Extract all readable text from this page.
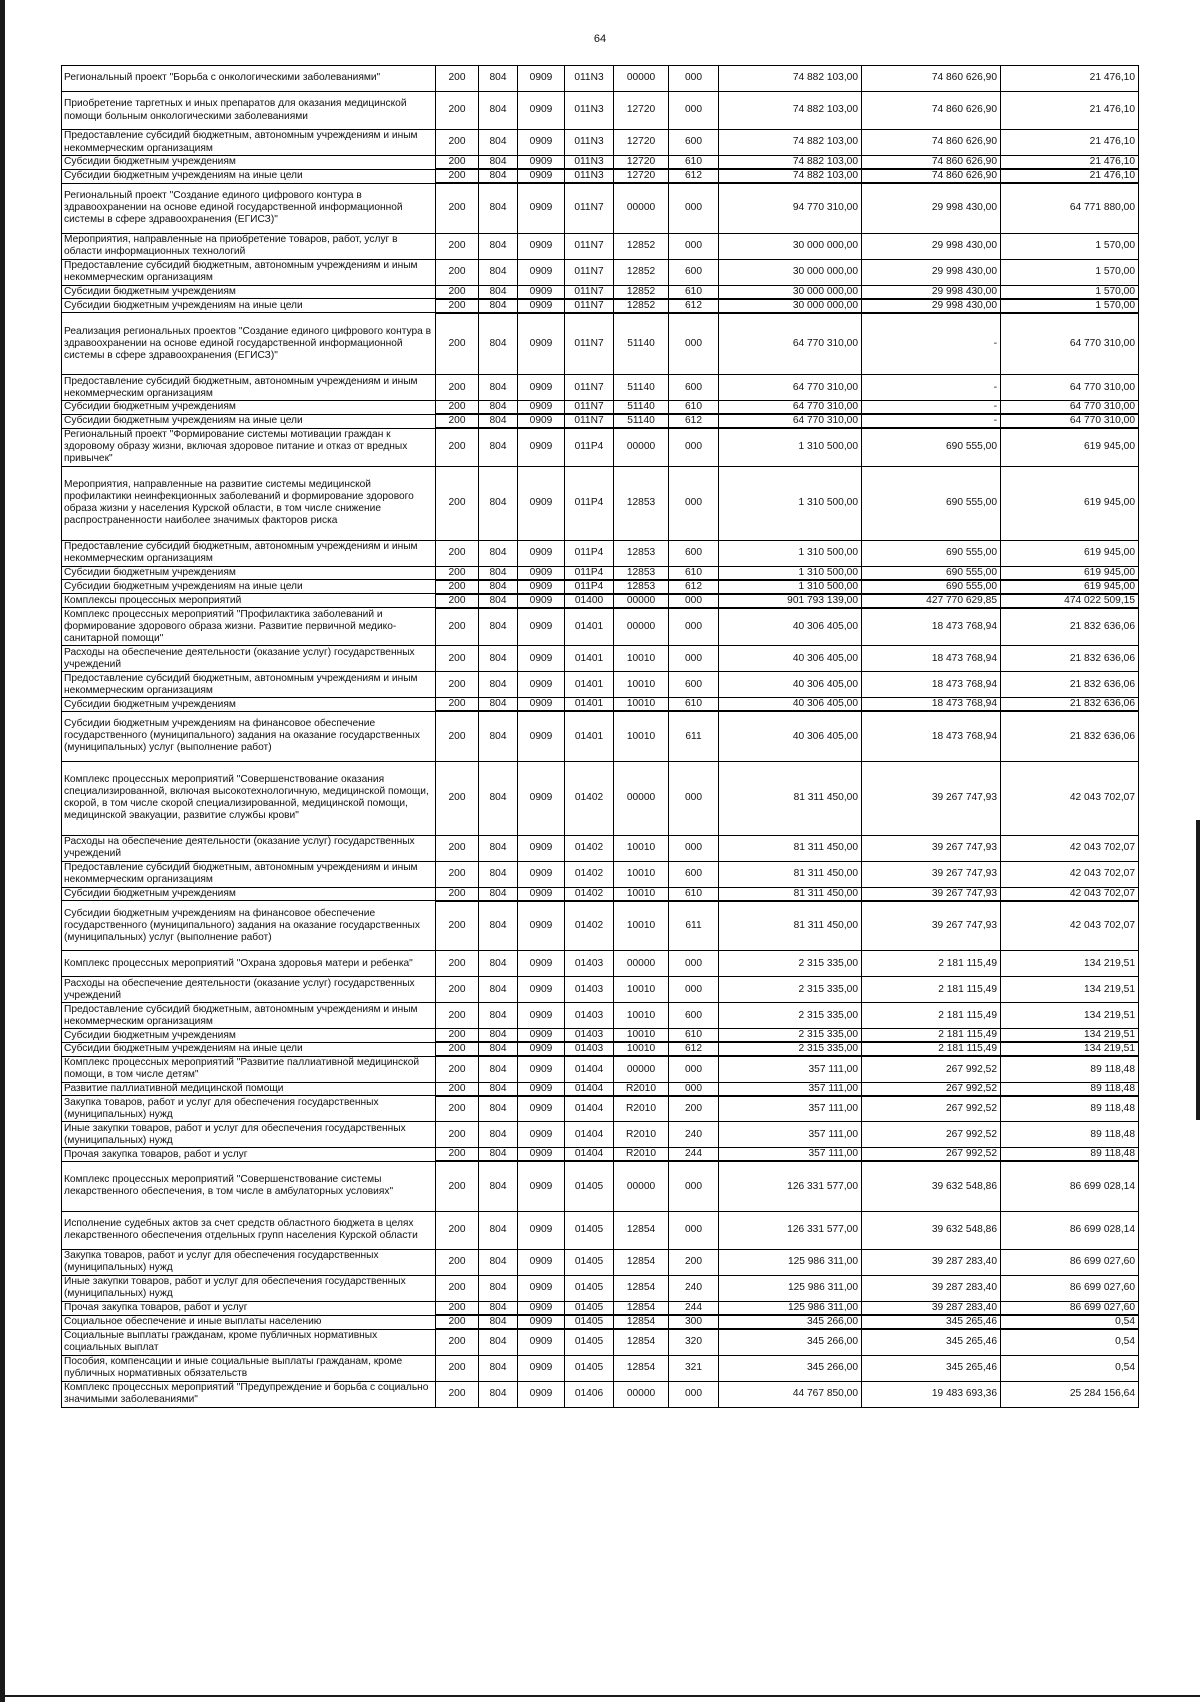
64
Региональный проект "Борьба с онкологическими заболеваниями"	200	804	0909	011N3	00000	000	74 882 103,00	74 860 626,90	21 476,10
Приобретение таргетных и иных препаратов для оказания медицинской помощи больным онкологическими заболеваниями	200	804	0909	011N3	12720	000	74 882 103,00	74 860 626,90	21 476,10
Предоставление субсидий бюджетным, автономным учреждениям и иным некоммерческим организациям	200	804	0909	011N3	12720	600	74 882 103,00	74 860 626,90	21 476,10
Субсидии бюджетным учреждениям	200	804	0909	011N3	12720	610	74 882 103,00	74 860 626,90	21 476,10
Субсидии бюджетным учреждениям на иные цели	200	804	0909	011N3	12720	612	74 882 103,00	74 860 626,90	21 476,10
Региональный проект "Создание единого цифрового контура в здравоохранении на основе единой государственной информационной системы в сфере здравоохранения (ЕГИСЗ)"	200	804	0909	011N7	00000	000	94 770 310,00	29 998 430,00	64 771 880,00
Мероприятия, направленные на приобретение товаров, работ, услуг в области информационных технологий	200	804	0909	011N7	12852	000	30 000 000,00	29 998 430,00	1 570,00
Предоставление субсидий бюджетным, автономным учреждениям и иным некоммерческим организациям	200	804	0909	011N7	12852	600	30 000 000,00	29 998 430,00	1 570,00
Субсидии бюджетным учреждениям	200	804	0909	011N7	12852	610	30 000 000,00	29 998 430,00	1 570,00
Субсидии бюджетным учреждениям на иные цели	200	804	0909	011N7	12852	612	30 000 000,00	29 998 430,00	1 570,00
Реализация региональных проектов "Создание единого цифрового контура в здравоохранении на основе единой государственной информационной системы в сфере здравоохранения (ЕГИСЗ)"	200	804	0909	011N7	51140	000	64 770 310,00	-	64 770 310,00
Предоставление субсидий бюджетным, автономным учреждениям и иным некоммерческим организациям	200	804	0909	011N7	51140	600	64 770 310,00	-	64 770 310,00
Субсидии бюджетным учреждениям	200	804	0909	011N7	51140	610	64 770 310,00	-	64 770 310,00
Субсидии бюджетным учреждениям на иные цели	200	804	0909	011N7	51140	612	64 770 310,00	-	64 770 310,00
Региональный проект "Формирование системы мотивации граждан к здоровому образу жизни, включая здоровое питание и отказ от вредных привычек"	200	804	0909	011P4	00000	000	1 310 500,00	690 555,00	619 945,00
Мероприятия, направленные на развитие системы медицинской профилактики неинфекционных заболеваний и формирование здорового образа жизни у населения Курской области, в том числе снижение распространенности наиболее значимых факторов риска	200	804	0909	011P4	12853	000	1 310 500,00	690 555,00	619 945,00
Предоставление субсидий бюджетным, автономным учреждениям и иным некоммерческим организациям	200	804	0909	011P4	12853	600	1 310 500,00	690 555,00	619 945,00
Субсидии бюджетным учреждениям	200	804	0909	011P4	12853	610	1 310 500,00	690 555,00	619 945,00
Субсидии бюджетным учреждениям на иные цели	200	804	0909	011P4	12853	612	1 310 500,00	690 555,00	619 945,00
Комплексы процессных мероприятий	200	804	0909	01400	00000	000	901 793 139,00	427 770 629,85	474 022 509,15
Комплекс процессных мероприятий "Профилактика заболеваний и формирование здорового образа жизни. Развитие первичной медико-санитарной помощи"	200	804	0909	01401	00000	000	40 306 405,00	18 473 768,94	21 832 636,06
Расходы на обеспечение деятельности (оказание услуг) государственных учреждений	200	804	0909	01401	10010	000	40 306 405,00	18 473 768,94	21 832 636,06
Предоставление субсидий бюджетным, автономным учреждениям и иным некоммерческим организациям	200	804	0909	01401	10010	600	40 306 405,00	18 473 768,94	21 832 636,06
Субсидии бюджетным учреждениям	200	804	0909	01401	10010	610	40 306 405,00	18 473 768,94	21 832 636,06
Субсидии бюджетным учреждениям на финансовое обеспечение государственного (муниципального) задания на оказание государственных (муниципальных) услуг (выполнение работ)	200	804	0909	01401	10010	611	40 306 405,00	18 473 768,94	21 832 636,06
Комплекс процессных мероприятий "Совершенствование оказания специализированной, включая высокотехнологичную, медицинской помощи, скорой, в том числе скорой специализированной, медицинской помощи, медицинской эвакуации, развитие службы крови"	200	804	0909	01402	00000	000	81 311 450,00	39 267 747,93	42 043 702,07
Расходы на обеспечение деятельности (оказание услуг) государственных учреждений	200	804	0909	01402	10010	000	81 311 450,00	39 267 747,93	42 043 702,07
Предоставление субсидий бюджетным, автономным учреждениям и иным некоммерческим организациям	200	804	0909	01402	10010	600	81 311 450,00	39 267 747,93	42 043 702,07
Субсидии бюджетным учреждениям	200	804	0909	01402	10010	610	81 311 450,00	39 267 747,93	42 043 702,07
Субсидии бюджетным учреждениям на финансовое обеспечение государственного (муниципального) задания на оказание государственных (муниципальных) услуг (выполнение работ)	200	804	0909	01402	10010	611	81 311 450,00	39 267 747,93	42 043 702,07
Комплекс процессных мероприятий "Охрана здоровья матери и ребенка"	200	804	0909	01403	00000	000	2 315 335,00	2 181 115,49	134 219,51
Расходы на обеспечение деятельности (оказание услуг) государственных учреждений	200	804	0909	01403	10010	000	2 315 335,00	2 181 115,49	134 219,51
Предоставление субсидий бюджетным, автономным учреждениям и иным некоммерческим организациям	200	804	0909	01403	10010	600	2 315 335,00	2 181 115,49	134 219,51
Субсидии бюджетным учреждениям	200	804	0909	01403	10010	610	2 315 335,00	2 181 115,49	134 219,51
Субсидии бюджетным учреждениям на иные цели	200	804	0909	01403	10010	612	2 315 335,00	2 181 115,49	134 219,51
Комплекс процессных мероприятий "Развитие паллиативной медицинской помощи, в том числе детям"	200	804	0909	01404	00000	000	357 111,00	267 992,52	89 118,48
Развитие паллиативной медицинской помощи	200	804	0909	01404	R2010	000	357 111,00	267 992,52	89 118,48
Закупка товаров, работ и услуг для обеспечения государственных (муниципальных) нужд	200	804	0909	01404	R2010	200	357 111,00	267 992,52	89 118,48
Иные закупки товаров, работ и услуг для обеспечения государственных (муниципальных) нужд	200	804	0909	01404	R2010	240	357 111,00	267 992,52	89 118,48
Прочая закупка товаров, работ и услуг	200	804	0909	01404	R2010	244	357 111,00	267 992,52	89 118,48
Комплекс процессных мероприятий "Совершенствование системы лекарственного обеспечения, в том числе в амбулаторных условиях"	200	804	0909	01405	00000	000	126 331 577,00	39 632 548,86	86 699 028,14
Исполнение судебных актов за счет средств областного бюджета в целях лекарственного обеспечения отдельных групп населения Курской области	200	804	0909	01405	12854	000	126 331 577,00	39 632 548,86	86 699 028,14
Закупка товаров, работ и услуг для обеспечения государственных (муниципальных) нужд	200	804	0909	01405	12854	200	125 986 311,00	39 287 283,40	86 699 027,60
Иные закупки товаров, работ и услуг для обеспечения государственных (муниципальных) нужд	200	804	0909	01405	12854	240	125 986 311,00	39 287 283,40	86 699 027,60
Прочая закупка товаров, работ и услуг	200	804	0909	01405	12854	244	125 986 311,00	39 287 283,40	86 699 027,60
Социальное обеспечение и иные выплаты населению	200	804	0909	01405	12854	300	345 266,00	345 265,46	0,54
Социальные выплаты гражданам, кроме публичных нормативных социальных выплат	200	804	0909	01405	12854	320	345 266,00	345 265,46	0,54
Пособия, компенсации и иные социальные выплаты гражданам, кроме публичных нормативных обязательств	200	804	0909	01405	12854	321	345 266,00	345 265,46	0,54
Комплекс процессных мероприятий "Предупреждение и борьба с социально значимыми заболеваниями"	200	804	0909	01406	00000	000	44 767 850,00	19 483 693,36	25 284 156,64
